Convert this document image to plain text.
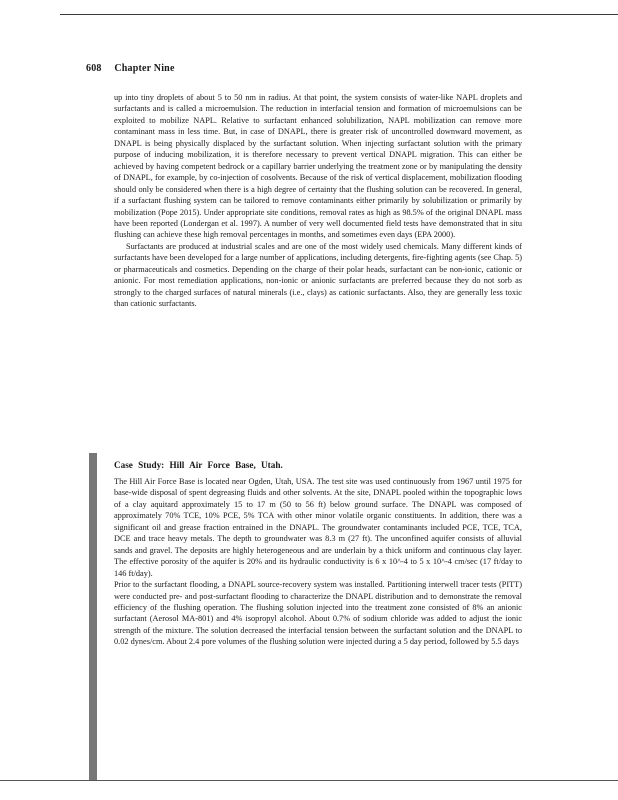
608 Chapter Nine

up into tiny droplets of about 5 to 50 nm in radius. At that point, the system consists of water-like NAPL droplets and surfactants and is called a microemulsion. The reduction in interfacial tension and formation of microemulsions can be exploited to mobilize NAPL. Relative to surfactant enhanced solubilization, NAPL mobilization can remove more contaminant mass in less time. But, in case of DNAPL, there is greater risk of uncontrolled downward movement, as DNAPL is being physically displaced by the surfactant solution. When injecting surfactant solution with the primary purpose of inducing mobilization, it is therefore necessary to prevent vertical DNAPL migration. This can either be achieved by having competent bedrock or a capillary barrier underlying the treatment zone or by manipulating the density of DNAPL, for example, by co-injection of cosolvents. Because of the risk of vertical displacement, mobilization flooding should only be considered when there is a high degree of certainty that the flushing solution can be recovered. In general, if a surfactant flushing system can be tailored to remove contaminants either primarily by solubilization or primarily by mobilization (Pope 2015). Under appropriate site conditions, removal rates as high as 98.5% of the original DNAPL mass have been reported (Londergan et al. 1997). A number of very well documented field tests have demonstrated that in situ flushing can achieve these high removal percentages in months, and sometimes even days (EPA 2000).

Surfactants are produced at industrial scales and are one of the most widely used chemicals. Many different kinds of surfactants have been developed for a large number of applications, including detergents, fire-fighting agents (see Chap. 5) or pharmaceuticals and cosmetics. Depending on the charge of their polar heads, surfactant can be non-ionic, cationic or anionic. For most remediation applications, non-ionic or anionic surfactants are preferred because they do not sorb as strongly to the charged surfaces of natural minerals (i.e., clays) as cationic surfactants. Also, they are generally less toxic than cationic surfactants.

Case Study: Hill Air Force Base, Utah.

The Hill Air Force Base is located near Ogden, Utah, USA. The test site was used continuously from 1967 until 1975 for base-wide disposal of spent degreasing fluids and other solvents. At the site, DNAPL pooled within the topographic lows of a clay aquitard approximately 15 to 17 m (50 to 56 ft) below ground surface. The DNAPL was composed of approximately 70% TCE, 10% PCE, 5% TCA with other minor volatile organic constituents. In addition, there was a significant oil and grease fraction entrained in the DNAPL. The groundwater contaminants included PCE, TCE, TCA, DCE and trace heavy metals. The depth to groundwater was 8.3 m (27 ft). The unconfined aquifer consists of alluvial sands and gravel. The deposits are highly heterogeneous and are underlain by a thick uniform and continuous clay layer. The effective porosity of the aquifer is 20% and its hydraulic conductivity is 6 x 10^-4 to 5 x 10^-4 cm/sec (17 ft/day to 146 ft/day).

Prior to the surfactant flooding, a DNAPL source-recovery system was installed. Partitioning interwell tracer tests (PITT) were conducted pre- and post-surfactant flooding to characterize the DNAPL distribution and to demonstrate the removal efficiency of the flushing operation. The flushing solution injected into the treatment zone consisted of 8% an anionic surfactant (Aerosol MA-801) and 4% isopropyl alcohol. About 0.7% of sodium chloride was added to adjust the ionic strength of the mixture. The solution decreased the interfacial tension between the surfactant solution and the DNAPL to 0.02 dynes/cm. About 2.4 pore volumes of the flushing solution were injected during a 5 day period, followed by 5.5 days
